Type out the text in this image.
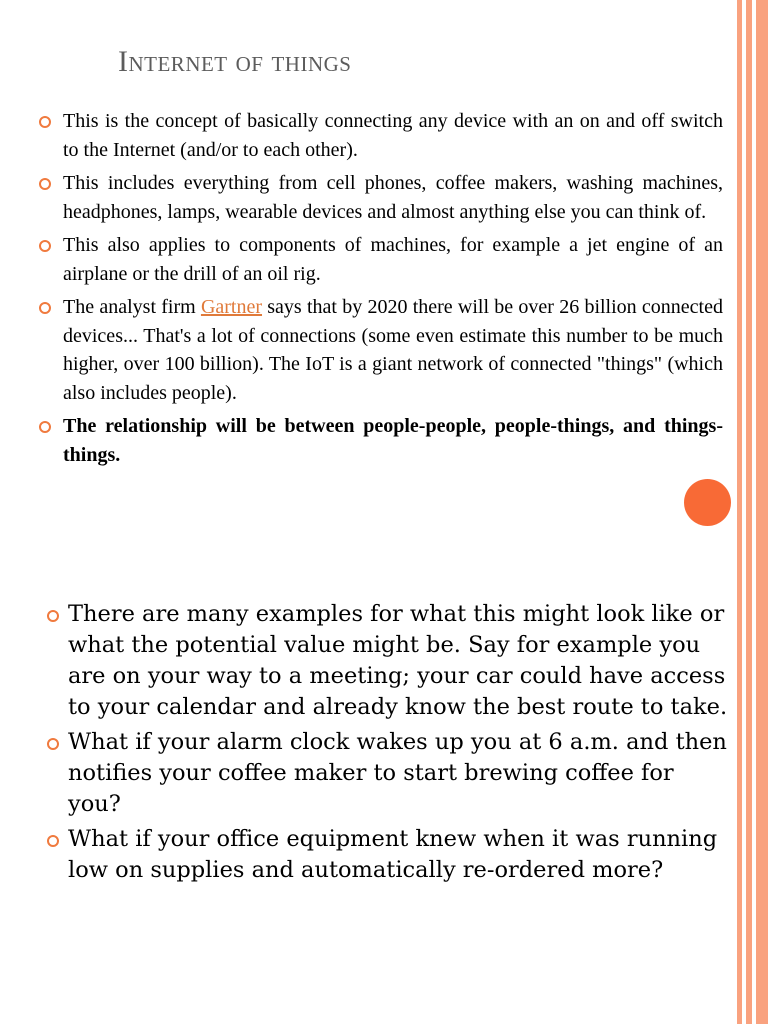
Internet of things
This is the concept of basically connecting any device with an on and off switch to the Internet (and/or to each other).
This includes everything from cell phones, coffee makers, washing machines, headphones, lamps, wearable devices and almost anything else you can think of.
This also applies to components of machines, for example a jet engine of an airplane or the drill of an oil rig.
The analyst firm Gartner says that by 2020 there will be over 26 billion connected devices... That's a lot of connections (some even estimate this number to be much higher, over 100 billion). The IoT is a giant network of connected "things" (which also includes people).
The relationship will be between people-people, people-things, and things-things.
There are many examples for what this might look like or what the potential value might be. Say for example you are on your way to a meeting; your car could have access to your calendar and already know the best route to take.
What if your alarm clock wakes up you at 6 a.m. and then notifies your coffee maker to start brewing coffee for you?
What if your office equipment knew when it was running low on supplies and automatically re-ordered more?
